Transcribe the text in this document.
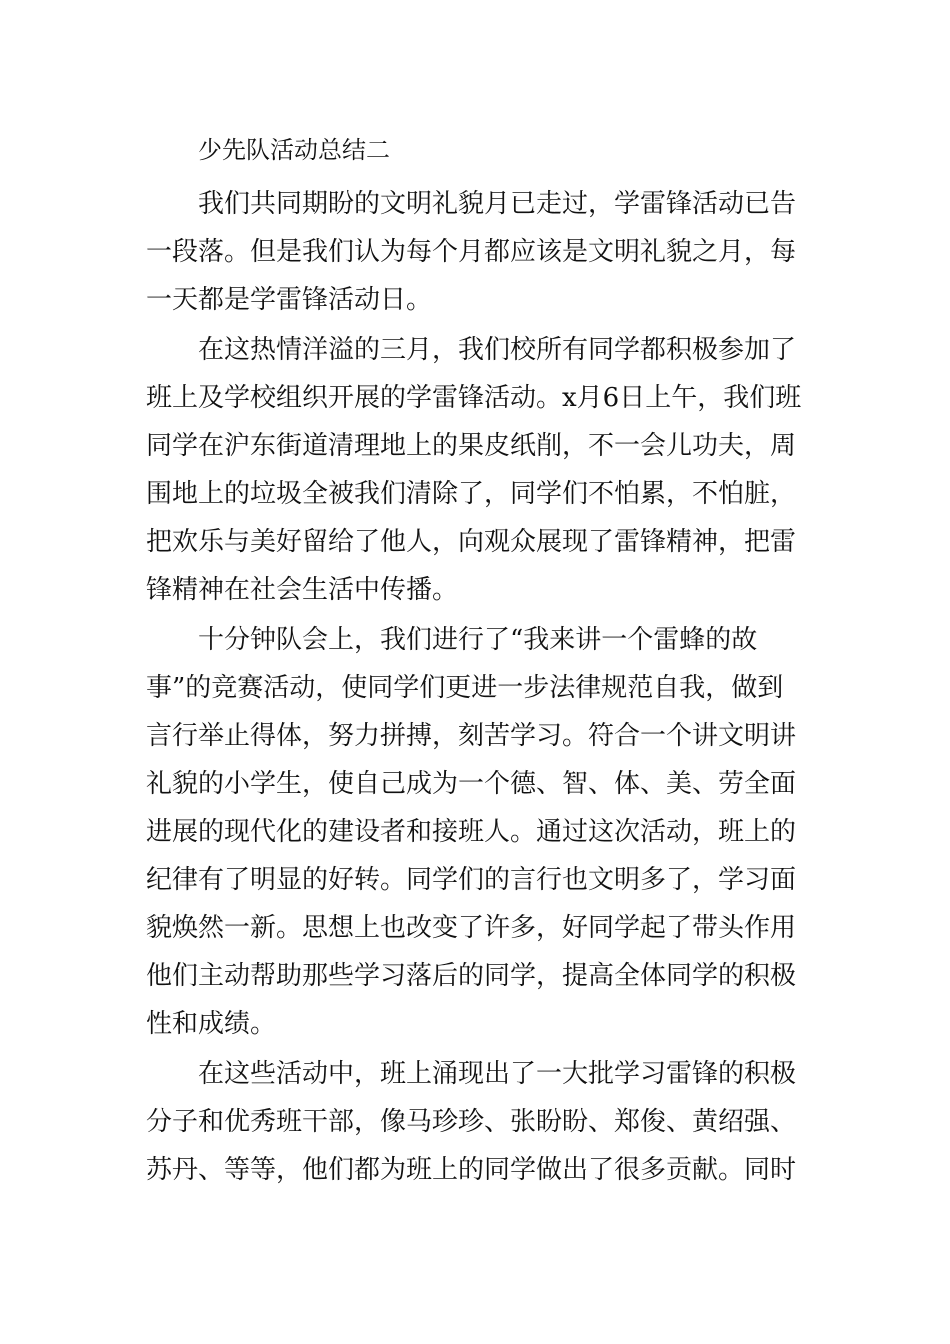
少先队活动总结二

我们共同期盼的文明礼貌月已走过，学雷锋活动已告
一段落。但是我们认为每个月都应该是文明礼貌之月，每
一天都是学雷锋活动日。

在这热情洋溢的三月，我们校所有同学都积极参加了
班上及学校组织开展的学雷锋活动。x月6日上午，我们班
同学在沪东街道清理地上的果皮纸削，不一会儿功夫，周
围地上的垃圾全被我们清除了，同学们不怕累，不怕脏，
把欢乐与美好留给了他人，向观众展现了雷锋精神，把雷
锋精神在社会生活中传播。

十分钟队会上，我们进行了“我来讲一个雷蜂的故
事”的竞赛活动，使同学们更进一步法律规范自我，做到
言行举止得体，努力拼搏，刻苦学习。符合一个讲文明讲
礼貌的小学生，使自己成为一个德、智、体、美、劳全面
进展的现代化的建设者和接班人。通过这次活动，班上的
纪律有了明显的好转。同学们的言行也文明多了，学习面
貌焕然一新。思想上也改变了许多，好同学起了带头作用
他们主动帮助那些学习落后的同学，提高全体同学的积极
性和成绩。

在这些活动中，班上涌现出了一大批学习雷锋的积极
分子和优秀班干部，像马珍珍、张盼盼、郑俊、黄绍强、
苏丹、等等，他们都为班上的同学做出了很多贡献。同时
